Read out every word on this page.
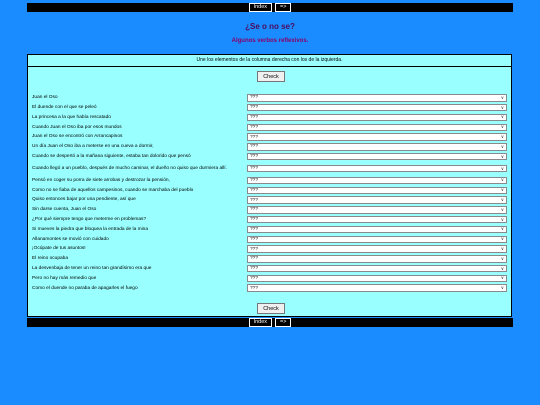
Índex	=>
¿Se o no se?
Algunos verbos reflexivos.
Une los elementos de la columna derecha con los de la izquierda.
Check
Juan el Oso	???	∨
El duende con el que se peleó	???	∨
La princesa a la que había rescatado	???	∨
Cuando Juan el Oso iba por esos mundos	???	∨
Juan el Oso se encontró con Arrancapinos	???	∨
Un día Juan el Oso iba a meterse en una cueva a dormir,	???	∨
Cuando se despertó a la mañana siguiente, estaba tan dolorido que pensó	???	∨
Cuando llegó a un pueblo, después de mucho caminar, el dueño no quiso que durmiera allí.	???	∨
Pensó en coger su porra de siete arrobas y destrozar la pensión,	???	∨
Como no se fiaba de aquellos campesinos, cuando se marchaba del pueblo	???	∨
Quiso entonces bajar por una pendiente, así que	???	∨
Sin darse cuenta, Juan el Oso	???	∨
¿Por qué siempre tengo que meterme en problemas?	???	∨
Si mueves la piedra que bloquea la entrada de la mina	???	∨
Allanamontes se movió con cuidado	???	∨
¡Ocúpate de tus asuntos!	???	∨
El reino ocupaba	???	∨
La desvenbaja de tener un reino tan grandísimo era que	???	∨
Pero no hay más remedio que	???	∨
Como el duende no paraba de apagarles el fuego	???	∨
Check
Índex	=>
